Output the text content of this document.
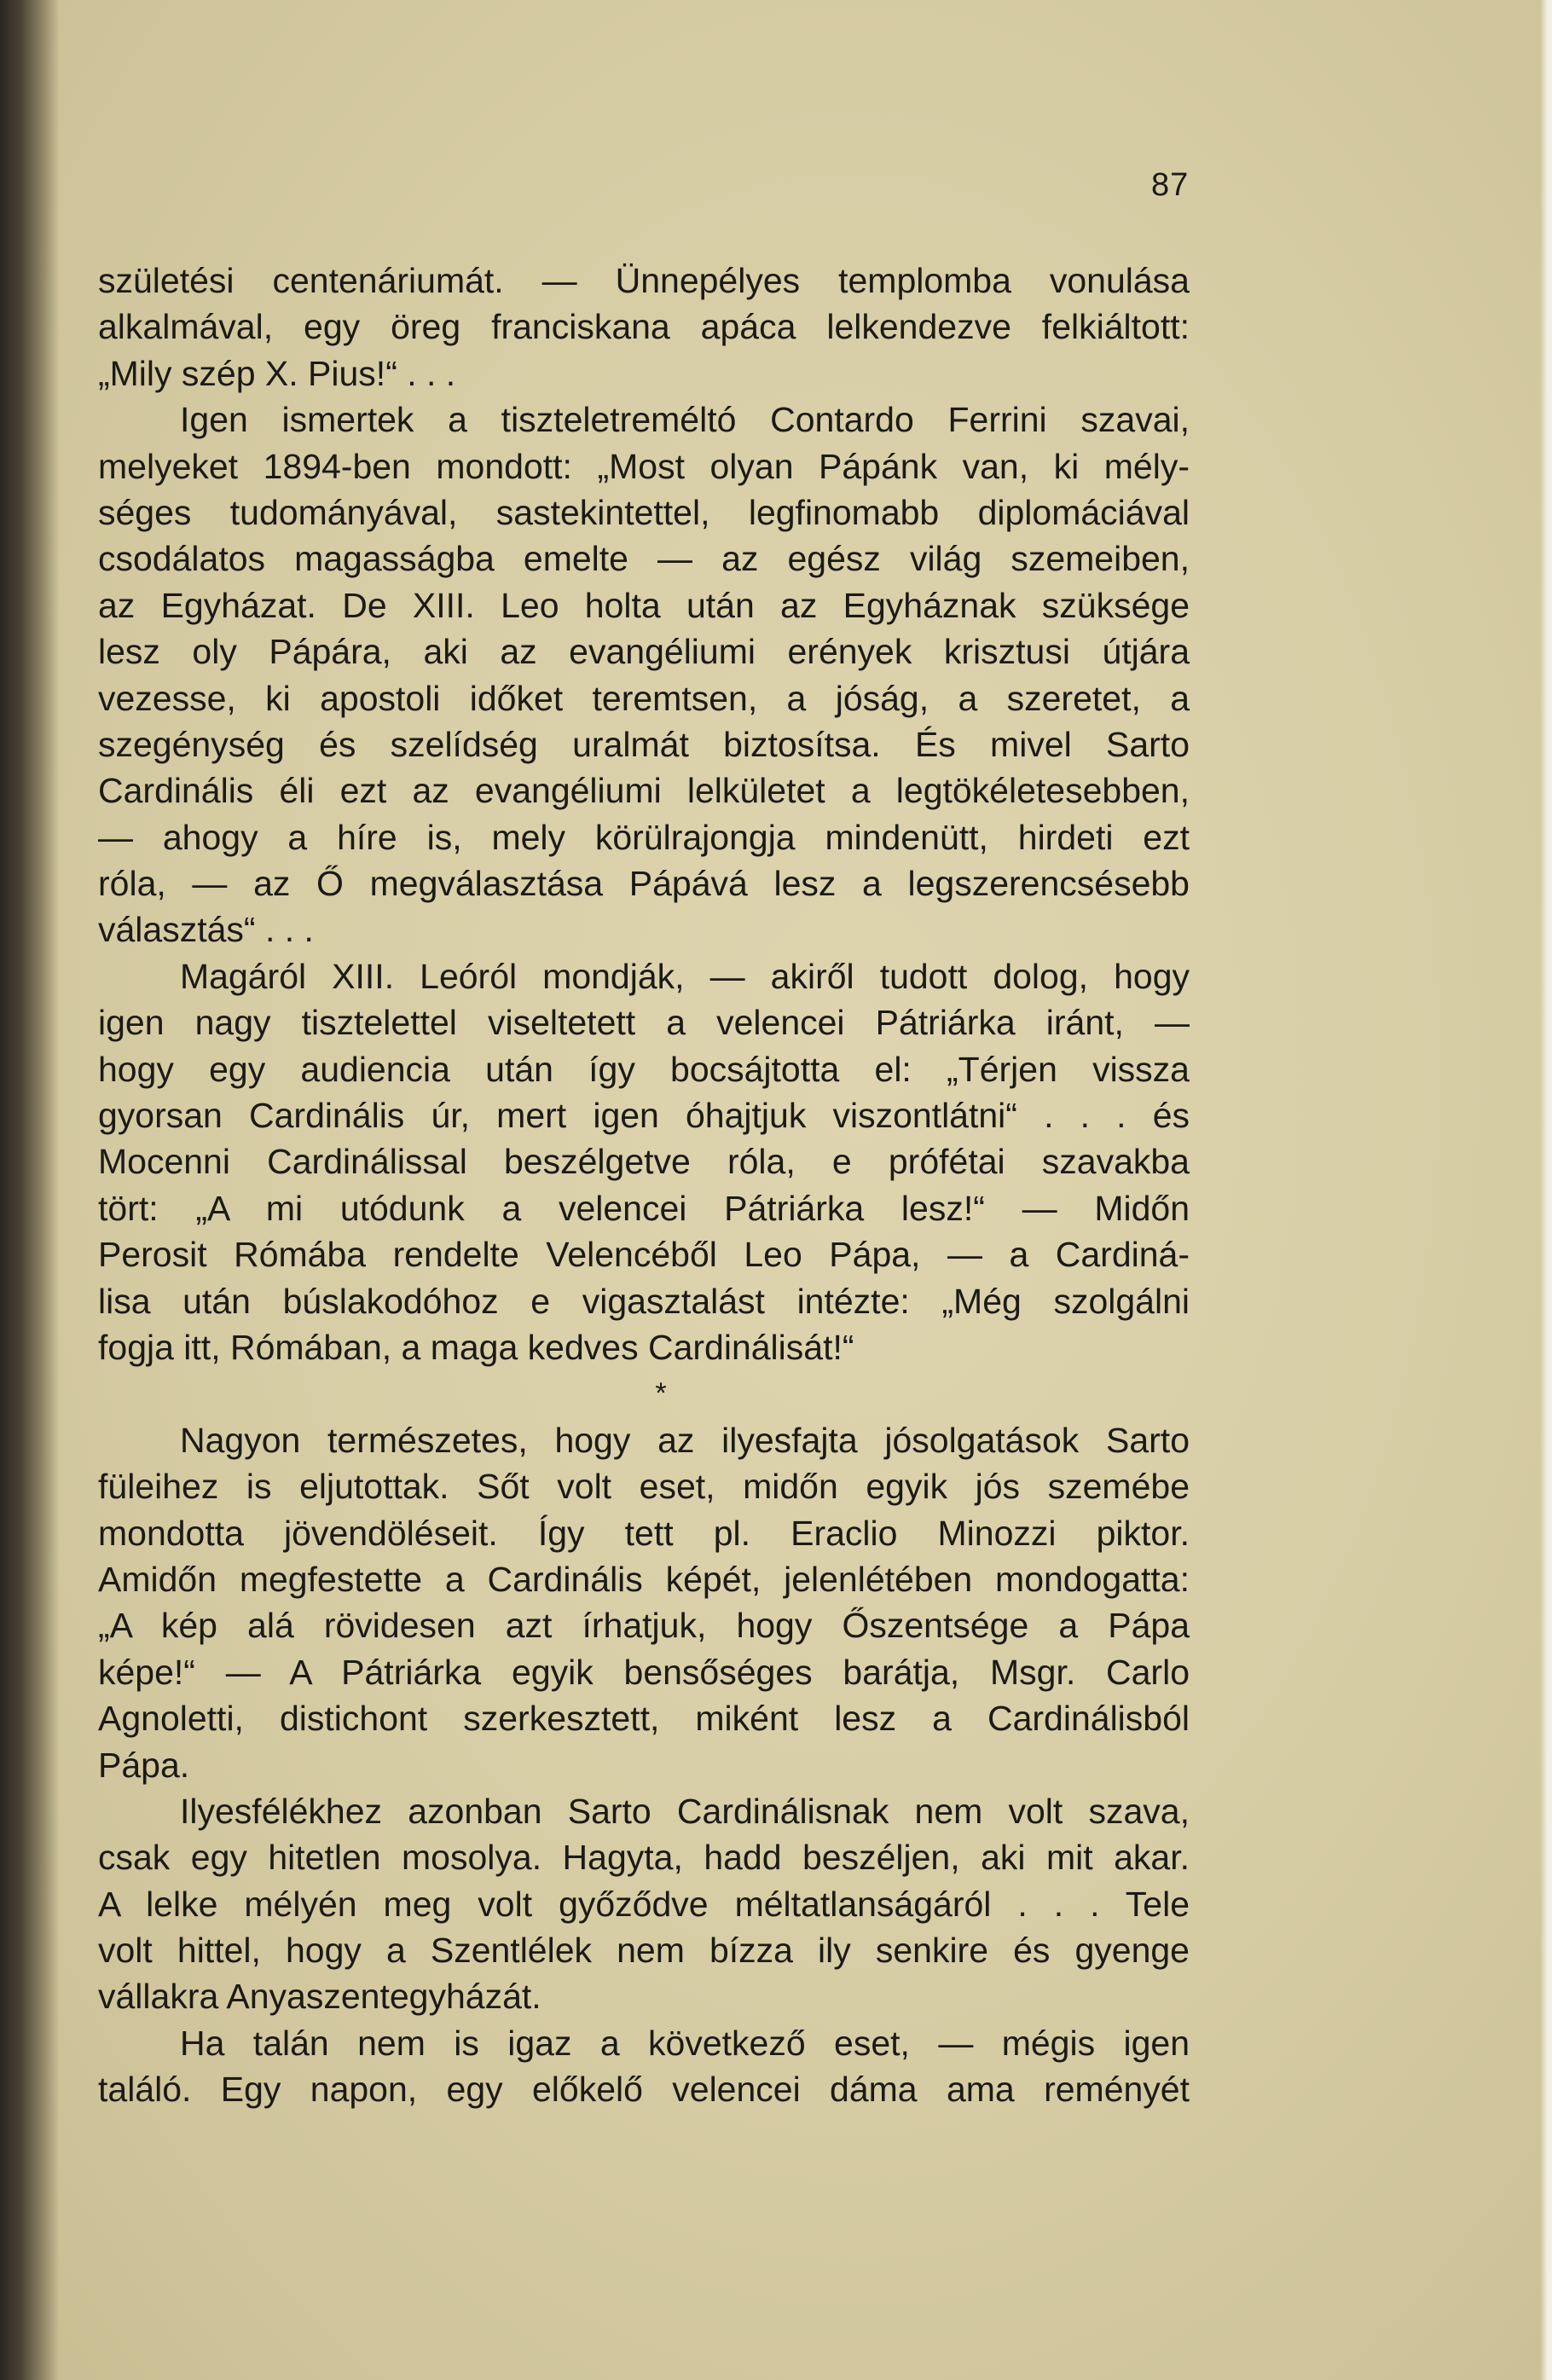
87
születési centenáriumát. — Ünnepélyes templomba vonulása
alkalmával, egy öreg franciskana apáca lelkendezve felkiáltott:
„Mily szép X. Pius!“ . . .
Igen ismertek a tiszteletreméltó Contardo Ferrini szavai,
melyeket 1894-ben mondott: „Most olyan Pápánk van, ki mély-
séges tudományával, sastekintettel, legfinomabb diplomáciával
csodálatos magasságba emelte — az egész világ szemeiben,
az Egyházat. De XIII. Leo holta után az Egyháznak szüksége
lesz oly Pápára, aki az evangéliumi erények krisztusi útjára
vezesse, ki apostoli időket teremtsen, a jóság, a szeretet, a
szegénység és szelídség uralmát biztosítsa. És mivel Sarto
Cardinális éli ezt az evangéliumi lelkületet a legtökéletesebben,
— ahogy a híre is, mely körülrajongja mindenütt, hirdeti ezt
róla, — az Ő megválasztása Pápává lesz a legszerencsésebb
választás“ . . .
Magáról XIII. Leóról mondják, — akiről tudott dolog, hogy
igen nagy tisztelettel viseltetett a velencei Pátriárka iránt, —
hogy egy audiencia után így bocsájtotta el: „Térjen vissza
gyorsan Cardinális úr, mert igen óhajtjuk viszontlátni“ . . . és
Mocenni Cardinálissal beszélgetve róla, e prófétai szavakba
tört: „A mi utódunk a velencei Pátriárka lesz!“ — Midőn
Perosit Rómába rendelte Velencéből Leo Pápa, — a Cardiná-
lisa után búslakodóhoz e vigasztalást intézte: „Még szolgálni
fogja itt, Rómában, a maga kedves Cardinálisát!“
*
Nagyon természetes, hogy az ilyesfajta jósolgatások Sarto
füleihez is eljutottak. Sőt volt eset, midőn egyik jós szemébe
mondotta jövendöléseit. Így tett pl. Eraclio Minozzi piktor.
Amidőn megfestette a Cardinális képét, jelenlétében mondogatta:
„A kép alá rövidesen azt írhatjuk, hogy Őszentsége a Pápa
képe!“ — A Pátriárka egyik bensőséges barátja, Msgr. Carlo
Agnoletti, distichont szerkesztett, miként lesz a Cardinálisból
Pápa.
Ilyesfélékhez azonban Sarto Cardinálisnak nem volt szava,
csak egy hitetlen mosolya. Hagyta, hadd beszéljen, aki mit akar.
A lelke mélyén meg volt győződve méltatlanságáról . . . Tele
volt hittel, hogy a Szentlélek nem bízza ily senkire és gyenge
vállakra Anyaszentegyházát.
Ha talán nem is igaz a következő eset, — mégis igen
találó. Egy napon, egy előkelő velencei dáma ama reményét
